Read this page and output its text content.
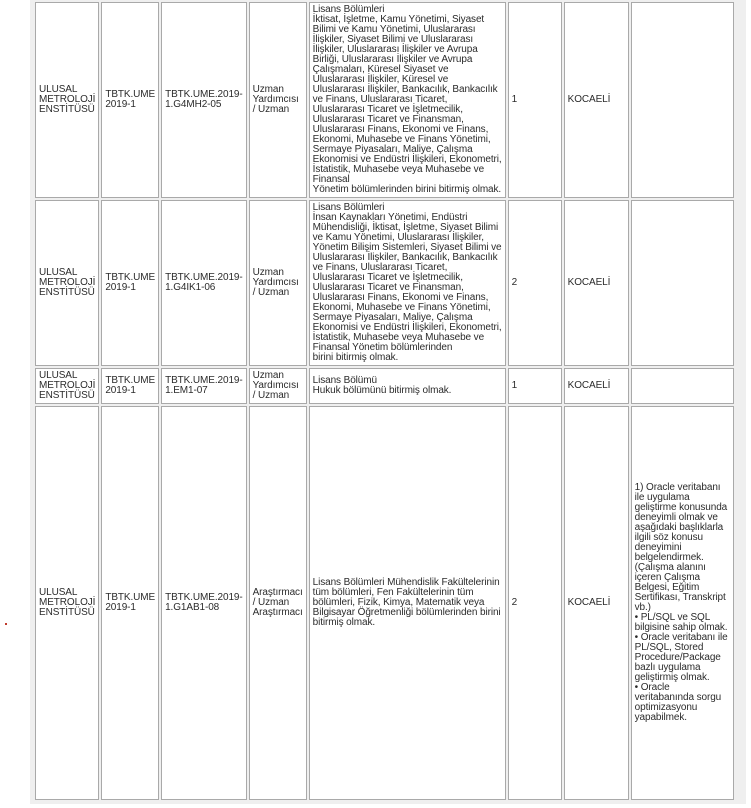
ULUSAL METROLOJİ ENSTİTÜSÜ	TBTK.UME 2019-1	TBTK.UME.2019-1.G4MH2-05	Uzman Yardımcısı / Uzman	Lisans Bölümleri
İktisat, İşletme, Kamu Yönetimi, Siyaset Bilimi ve Kamu Yönetimi, Uluslararası İlişkiler, Siyaset Bilimi ve Uluslararası İlişkiler, Uluslararası İlişkiler ve Avrupa Birliği, Uluslararası İlişkiler ve Avrupa Çalışmaları, Küresel Siyaset ve Uluslararası İlişkiler, Küresel ve Uluslararası İlişkiler, Bankacılık, Bankacılık ve Finans, Uluslararası Ticaret, Uluslararası Ticaret ve İşletmecilik, Uluslararası Ticaret ve Finansman, Uluslararası Finans, Ekonomi ve Finans, Ekonomi, Muhasebe ve Finans Yönetimi, Sermaye Piyasaları, Maliye, Çalışma Ekonomisi ve Endüstri İlişkileri, Ekonometri, İstatistik, Muhasebe veya Muhasebe ve Finansal
Yönetim bölümlerinden birini bitirmiş olmak.	1	KOCAELİ	
ULUSAL METROLOJİ ENSTİTÜSÜ	TBTK.UME 2019-1	TBTK.UME.2019-1.G4IK1-06	Uzman Yardımcısı / Uzman	Lisans Bölümleri
İnsan Kaynakları Yönetimi, Endüstri Mühendisliği, İktisat, İşletme, Siyaset Bilimi ve Kamu Yönetimi, Uluslararası İlişkiler, Yönetim Bilişim Sistemleri, Siyaset Bilimi ve Uluslararası İlişkiler, Bankacılık, Bankacılık ve Finans, Uluslararası Ticaret, Uluslararası Ticaret ve İşletmecilik, Uluslararası Ticaret ve Finansman, Uluslararası Finans, Ekonomi ve Finans, Ekonomi, Muhasebe ve Finans Yönetimi, Sermaye Piyasaları, Maliye, Çalışma Ekonomisi ve Endüstri İlişkileri, Ekonometri, İstatistik, Muhasebe veya Muhasebe ve Finansal Yönetim bölümlerinden
birini bitirmiş olmak.	2	KOCAELİ	
ULUSAL METROLOJİ ENSTİTÜSÜ	TBTK.UME 2019-1	TBTK.UME.2019-1.EM1-07	Uzman Yardımcısı / Uzman	Lisans Bölümü
Hukuk bölümünü bitirmiş olmak.	1	KOCAELİ	
ULUSAL METROLOJİ ENSTİTÜSÜ	TBTK.UME 2019-1	TBTK.UME.2019-1.G1AB1-08	Araştırmacı / Uzman Araştırmacı	Lisans Bölümleri Mühendislik Fakültelerinin tüm bölümleri, Fen Fakültelerinin tüm bölümleri, Fizik, Kimya, Matematik veya Bilgisayar Öğretmenliği bölümlerinden birini bitirmiş olmak.	2	KOCAELİ	1) Oracle veritabanı ile uygulama geliştirme konusunda deneyimli olmak ve aşağıdaki başlıklarla ilgili söz konusu deneyimini belgelendirmek. (Çalışma alanını içeren Çalışma Belgesi, Eğitim Sertifikası, Transkript vb.)
• PL/SQL ve SQL bilgisine sahip olmak.
• Oracle veritabanı ile PL/SQL, Stored Procedure/Package bazlı uygulama geliştirmiş olmak.
• Oracle veritabanında sorgu optimizasyonu yapabilmek.
